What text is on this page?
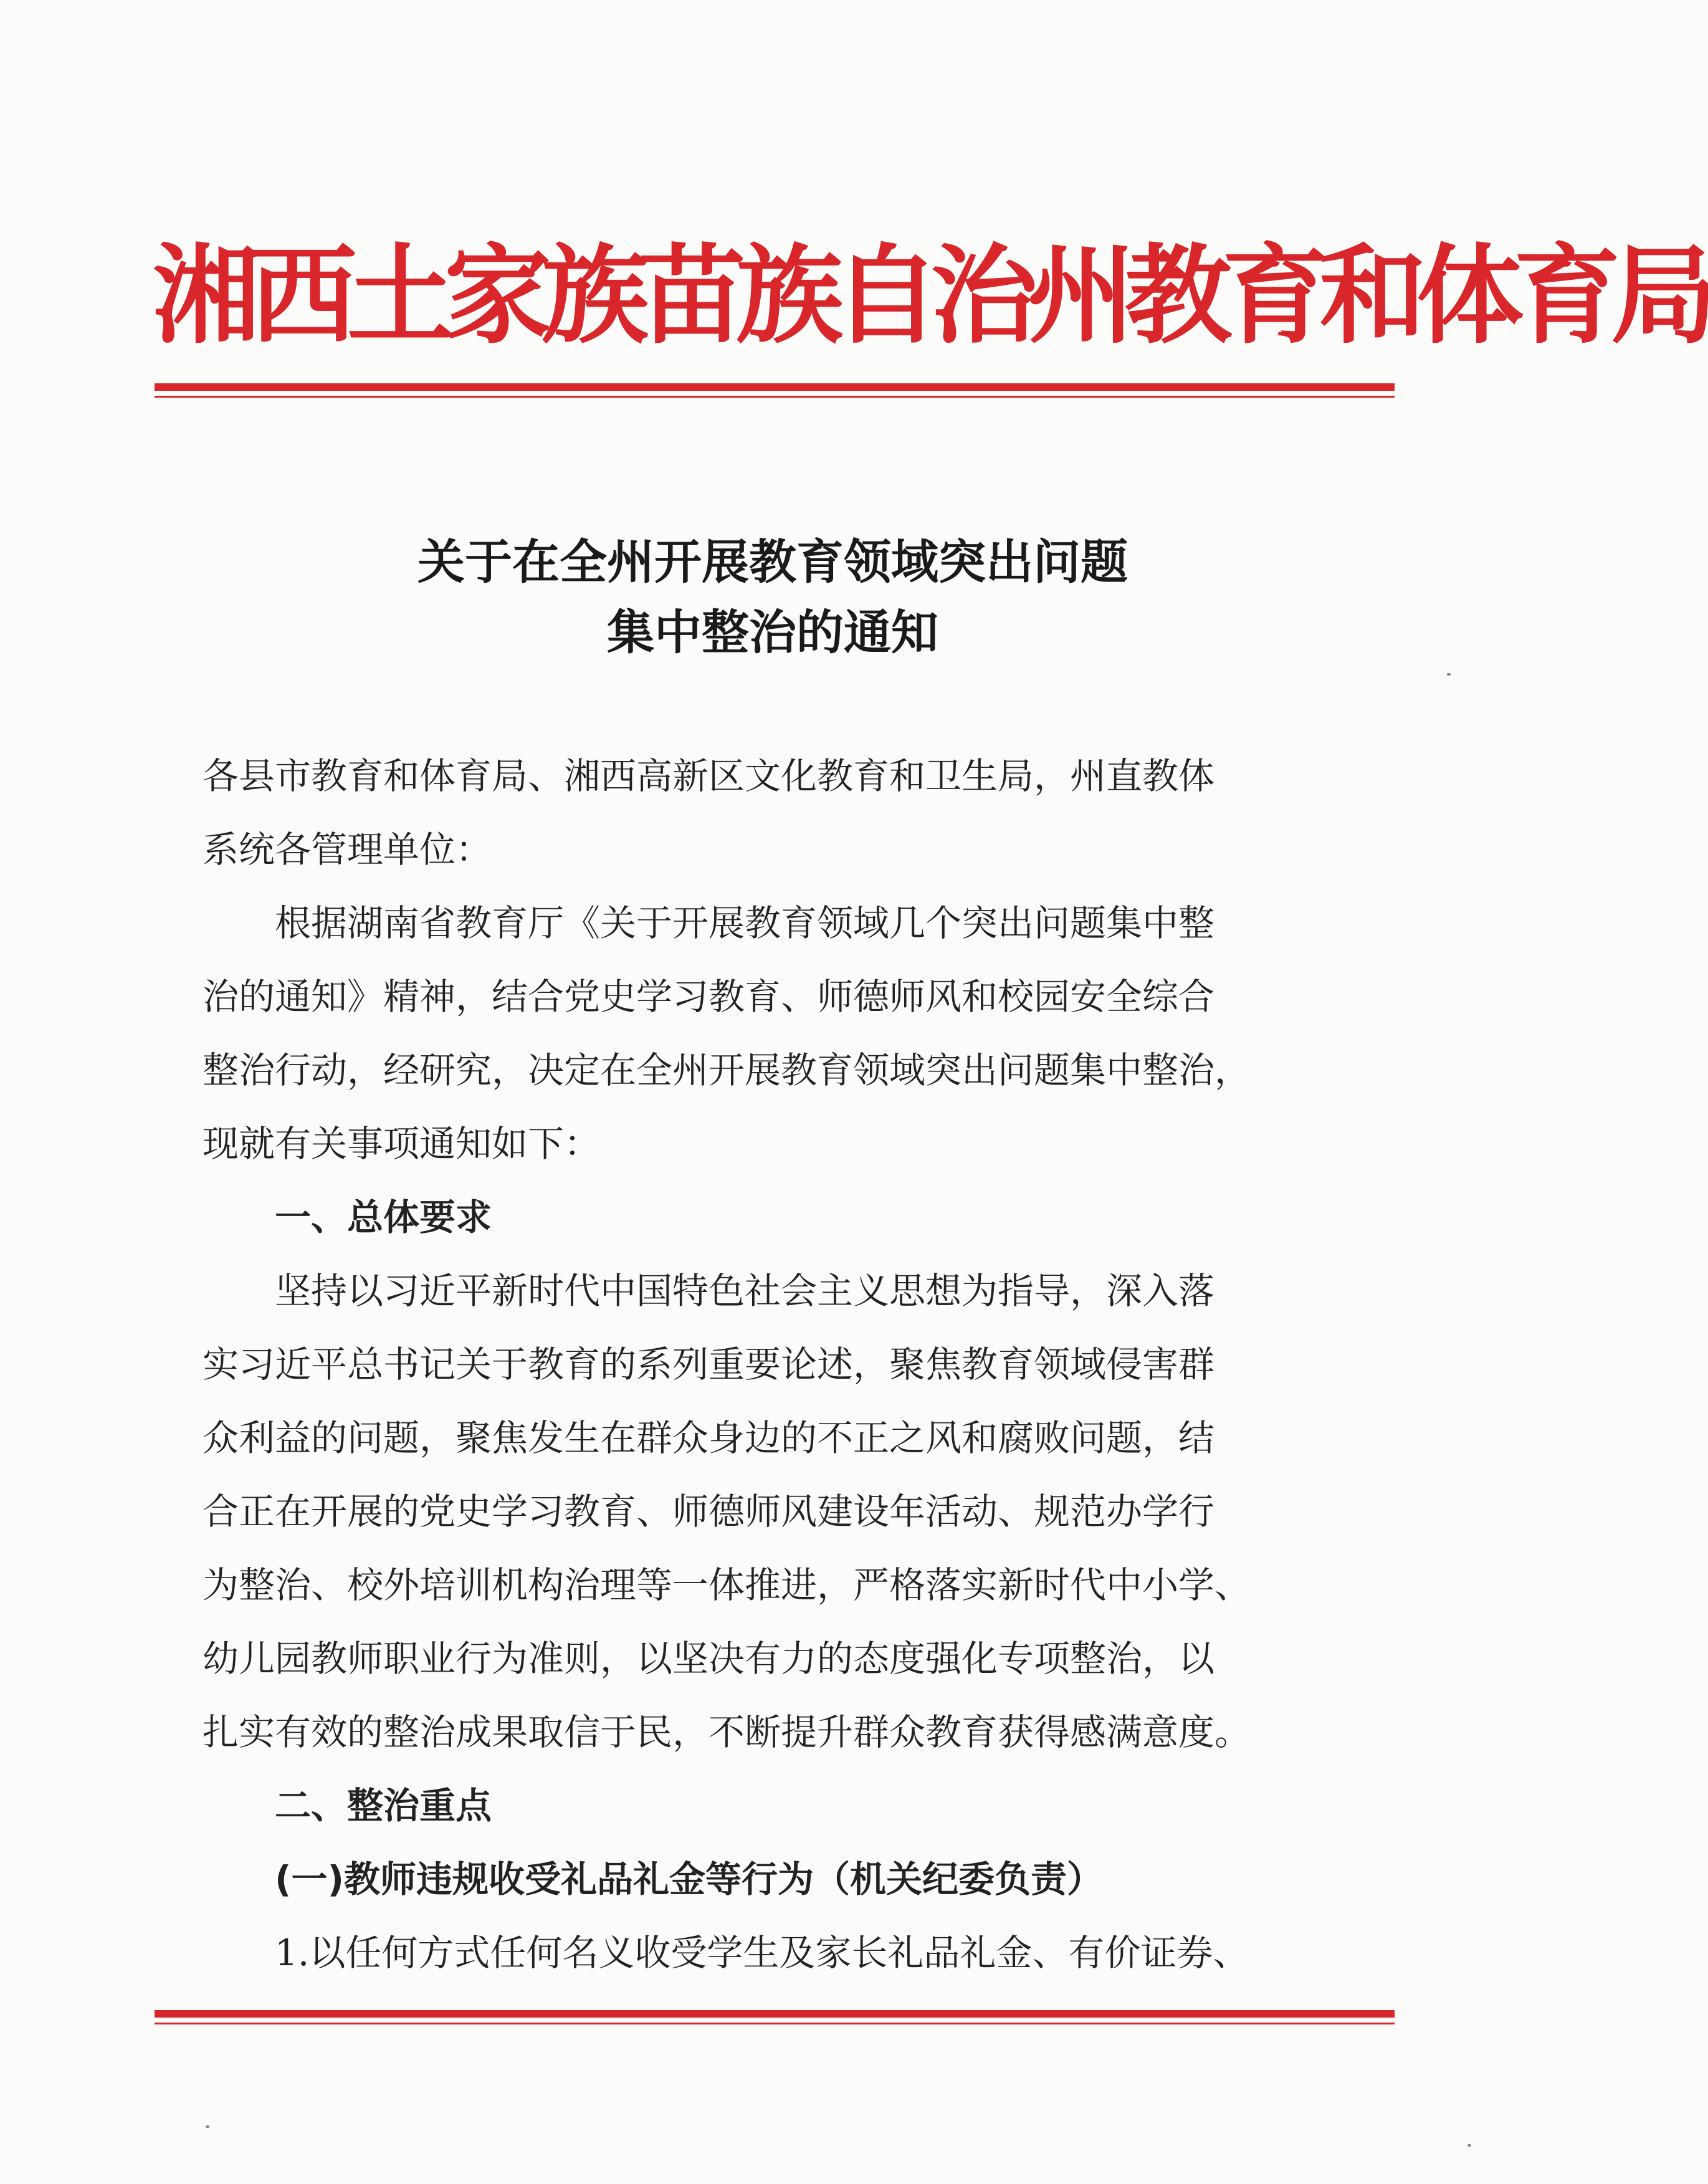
湘西土家族苗族自治州教育和体育局
关于在全州开展教育领域突出问题
集中整治的通知
各县市教育和体育局、湘西高新区文化教育和卫生局，州直教体
系统各管理单位：
　　根据湖南省教育厅《关于开展教育领域几个突出问题集中整
治的通知》精神，结合党史学习教育、师德师风和校园安全综合
整治行动，经研究，决定在全州开展教育领域突出问题集中整治，
现就有关事项通知如下：
　　一、总体要求
　　坚持以习近平新时代中国特色社会主义思想为指导，深入落
实习近平总书记关于教育的系列重要论述，聚焦教育领域侵害群
众利益的问题，聚焦发生在群众身边的不正之风和腐败问题，结
合正在开展的党史学习教育、师德师风建设年活动、规范办学行
为整治、校外培训机构治理等一体推进，严格落实新时代中小学、
幼儿园教师职业行为准则，以坚决有力的态度强化专项整治，以
扎实有效的整治成果取信于民，不断提升群众教育获得感满意度。
　　二、整治重点
　　(一)教师违规收受礼品礼金等行为（机关纪委负责）
　　1.以任何方式任何名义收受学生及家长礼品礼金、有价证券、
